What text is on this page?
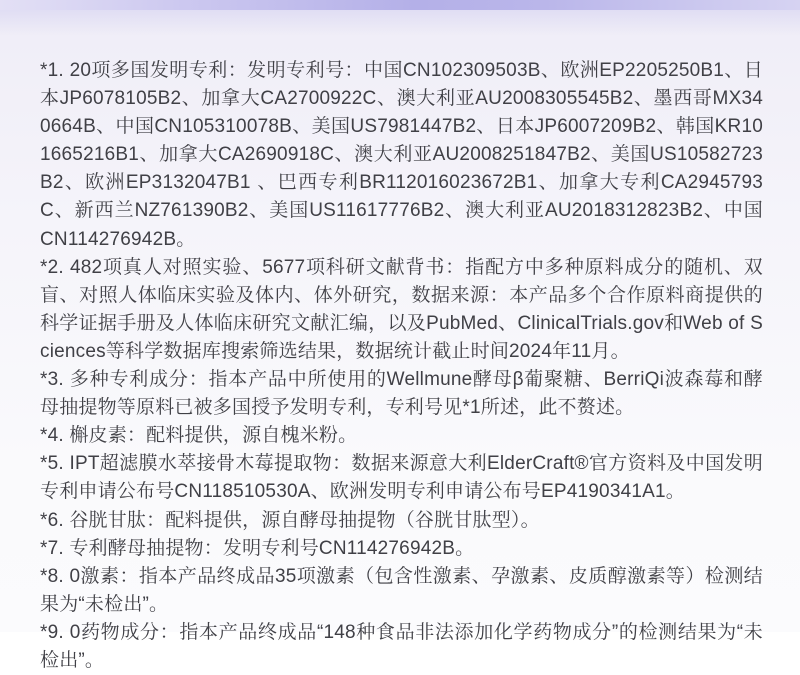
*1. 20项多国发明专利：发明专利号：中国CN102309503B、欧洲EP2205250B1、日本JP6078105B2、加拿大CA2700922C、澳大利亚AU2008305545B2、墨西哥MX340664B、中国CN105310078B、美国US7981447B2、日本JP6007209B2、韩国KR101665216B1、加拿大CA2690918C、澳大利亚AU2008251847B2、美国US10582723B2、欧洲EP3132047B1 、巴西专利BR112016023672B1、加拿大专利CA2945793C、新西兰NZ761390B2、美国US11617776B2、澳大利亚AU2018312823B2、中国CN114276942B。

*2. 482项真人对照实验、5677项科研文献背书：指配方中多种原料成分的随机、双盲、对照人体临床实验及体内、体外研究，数据来源：本产品多个合作原料商提供的科学证据手册及人体临床研究文献汇编，以及PubMed、ClinicalTrials.gov和Web of Sciences等科学数据库搜索筛选结果，数据统计截止时间2024年11月。

*3. 多种专利成分：指本产品中所使用的Wellmune酵母β葡聚糖、BerriQi波森莓和酵母抽提物等原料已被多国授予发明专利，专利号见*1所述，此不赘述。

*4. 槲皮素：配料提供，源自槐米粉。

*5. IPT超滤膜水萃接骨木莓提取物：数据来源意大利ElderCraft®官方资料及中国发明专利申请公布号CN118510530A、欧洲发明专利申请公布号EP4190341A1。

*6. 谷胱甘肽：配料提供，源自酵母抽提物（谷胱甘肽型）。

*7. 专利酵母抽提物：发明专利号CN114276942B。

*8. 0激素：指本产品终成品35项激素（包含性激素、孕激素、皮质醇激素等）检测结果为“未检出”。

*9. 0药物成分：指本产品终成品“148种食品非法添加化学药物成分”的检测结果为“未检出”。
